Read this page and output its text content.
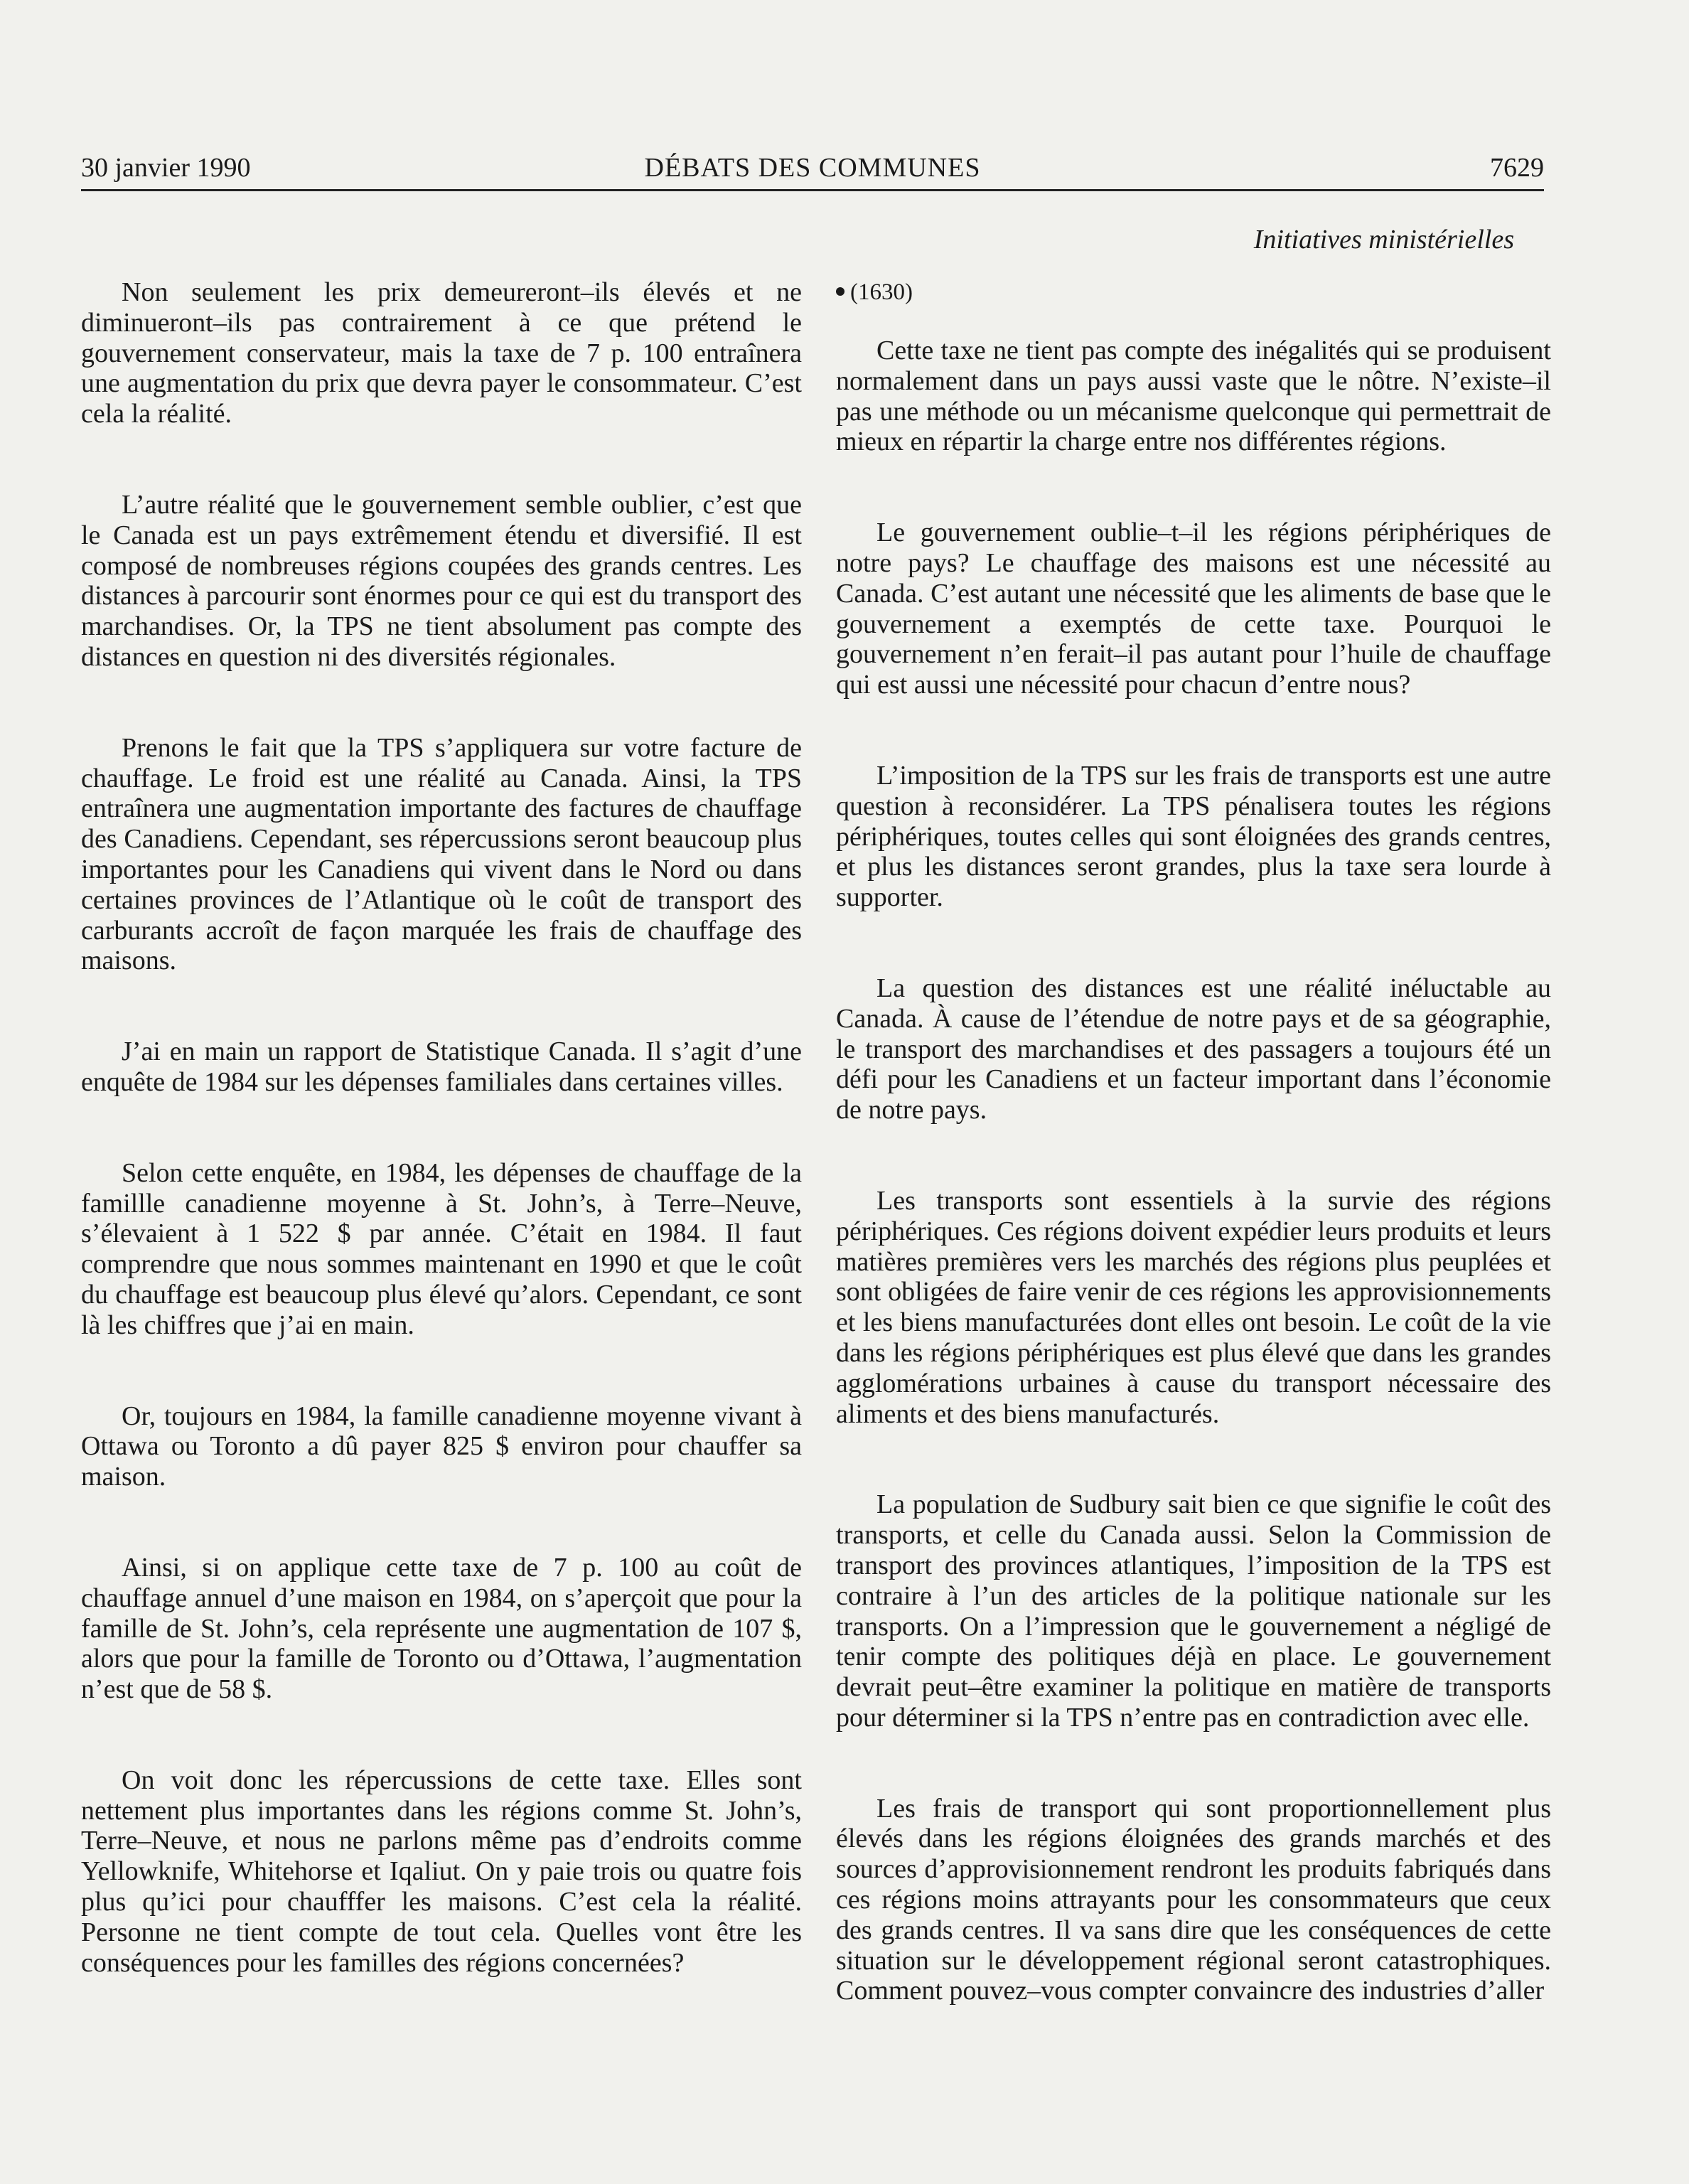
30 janvier 1990	DÉBATS DES COMMUNES	7629
Initiatives ministérielles

Non seulement les prix demeureront–ils élevés et ne diminueront–ils pas contrairement à ce que prétend le gouvernement conservateur, mais la taxe de 7 p. 100 entraînera une augmentation du prix que devra payer le consommateur. C’est cela la réalité.

L’autre réalité que le gouvernement semble oublier, c’est que le Canada est un pays extrêmement étendu et diversifié. Il est composé de nombreuses régions coupées des grands centres. Les distances à parcourir sont énormes pour ce qui est du transport des marchandises. Or, la TPS ne tient absolument pas compte des distances en question ni des diversités régionales.

Prenons le fait que la TPS s’appliquera sur votre facture de chauffage. Le froid est une réalité au Canada. Ainsi, la TPS entraînera une augmentation importante des factures de chauffage des Canadiens. Cependant, ses répercussions seront beaucoup plus importantes pour les Canadiens qui vivent dans le Nord ou dans certaines provinces de l’Atlantique où le coût de transport des carburants accroît de façon marquée les frais de chauffage des maisons.

J’ai en main un rapport de Statistique Canada. Il s’agit d’une enquête de 1984 sur les dépenses familiales dans certaines villes.

Selon cette enquête, en 1984, les dépenses de chauffage de la famillle canadienne moyenne à St. John’s, à Terre–Neuve, s’élevaient à 1 522 $ par année. C’était en 1984. Il faut comprendre que nous sommes maintenant en 1990 et que le coût du chauffage est beaucoup plus élevé qu’alors. Cependant, ce sont là les chiffres que j’ai en main.

Or, toujours en 1984, la famille canadienne moyenne vivant à Ottawa ou Toronto a dû payer 825 $ environ pour chauffer sa maison.

Ainsi, si on applique cette taxe de 7 p. 100 au coût de chauffage annuel d’une maison en 1984, on s’aperçoit que pour la famille de St. John’s, cela représente une augmentation de 107 $, alors que pour la famille de Toronto ou d’Ottawa, l’augmentation n’est que de 58 $.

On voit donc les répercussions de cette taxe. Elles sont nettement plus importantes dans les régions comme St. John’s, Terre–Neuve, et nous ne parlons même pas d’endroits comme Yellowknife, Whitehorse et Iqaliut. On y paie trois ou quatre fois plus qu’ici pour chaufffer les maisons. C’est cela la réalité. Personne ne tient compte de tout cela. Quelles vont être les conséquences pour les familles des régions concernées?

(1630)

Cette taxe ne tient pas compte des inégalités qui se produisent normalement dans un pays aussi vaste que le nôtre. N’existe–il pas une méthode ou un mécanisme quelconque qui permettrait de mieux en répartir la charge entre nos différentes régions.

Le gouvernement oublie–t–il les régions périphériques de notre pays? Le chauffage des maisons est une nécessité au Canada. C’est autant une nécessité que les aliments de base que le gouvernement a exemptés de cette taxe. Pourquoi le gouvernement n’en ferait–il pas autant pour l’huile de chauffage qui est aussi une nécessité pour chacun d’entre nous?

L’imposition de la TPS sur les frais de transports est une autre question à reconsidérer. La TPS pénalisera toutes les régions périphériques, toutes celles qui sont éloignées des grands centres, et plus les distances seront grandes, plus la taxe sera lourde à supporter.

La question des distances est une réalité inéluctable au Canada. À cause de l’étendue de notre pays et de sa géographie, le transport des marchandises et des passagers a toujours été un défi pour les Canadiens et un facteur important dans l’économie de notre pays.

Les transports sont essentiels à la survie des régions périphériques. Ces régions doivent expédier leurs produits et leurs matières premières vers les marchés des régions plus peuplées et sont obligées de faire venir de ces régions les approvisionnements et les biens manufacturées dont elles ont besoin. Le coût de la vie dans les régions périphériques est plus élevé que dans les grandes agglomérations urbaines à cause du transport nécessaire des aliments et des biens manufacturés.

La population de Sudbury sait bien ce que signifie le coût des transports, et celle du Canada aussi. Selon la Commission de transport des provinces atlantiques, l’imposition de la TPS est contraire à l’un des articles de la politique nationale sur les transports. On a l’impression que le gouvernement a négligé de tenir compte des politiques déjà en place. Le gouvernement devrait peut–être examiner la politique en matière de transports pour déterminer si la TPS n’entre pas en contradiction avec elle.

Les frais de transport qui sont proportionnellement plus élevés dans les régions éloignées des grands marchés et des sources d’approvisionnement rendront les produits fabriqués dans ces régions moins attrayants pour les consommateurs que ceux des grands centres. Il va sans dire que les conséquences de cette situation sur le développement régional seront catastrophiques. Comment pouvez–vous compter convaincre des industries d’aller
